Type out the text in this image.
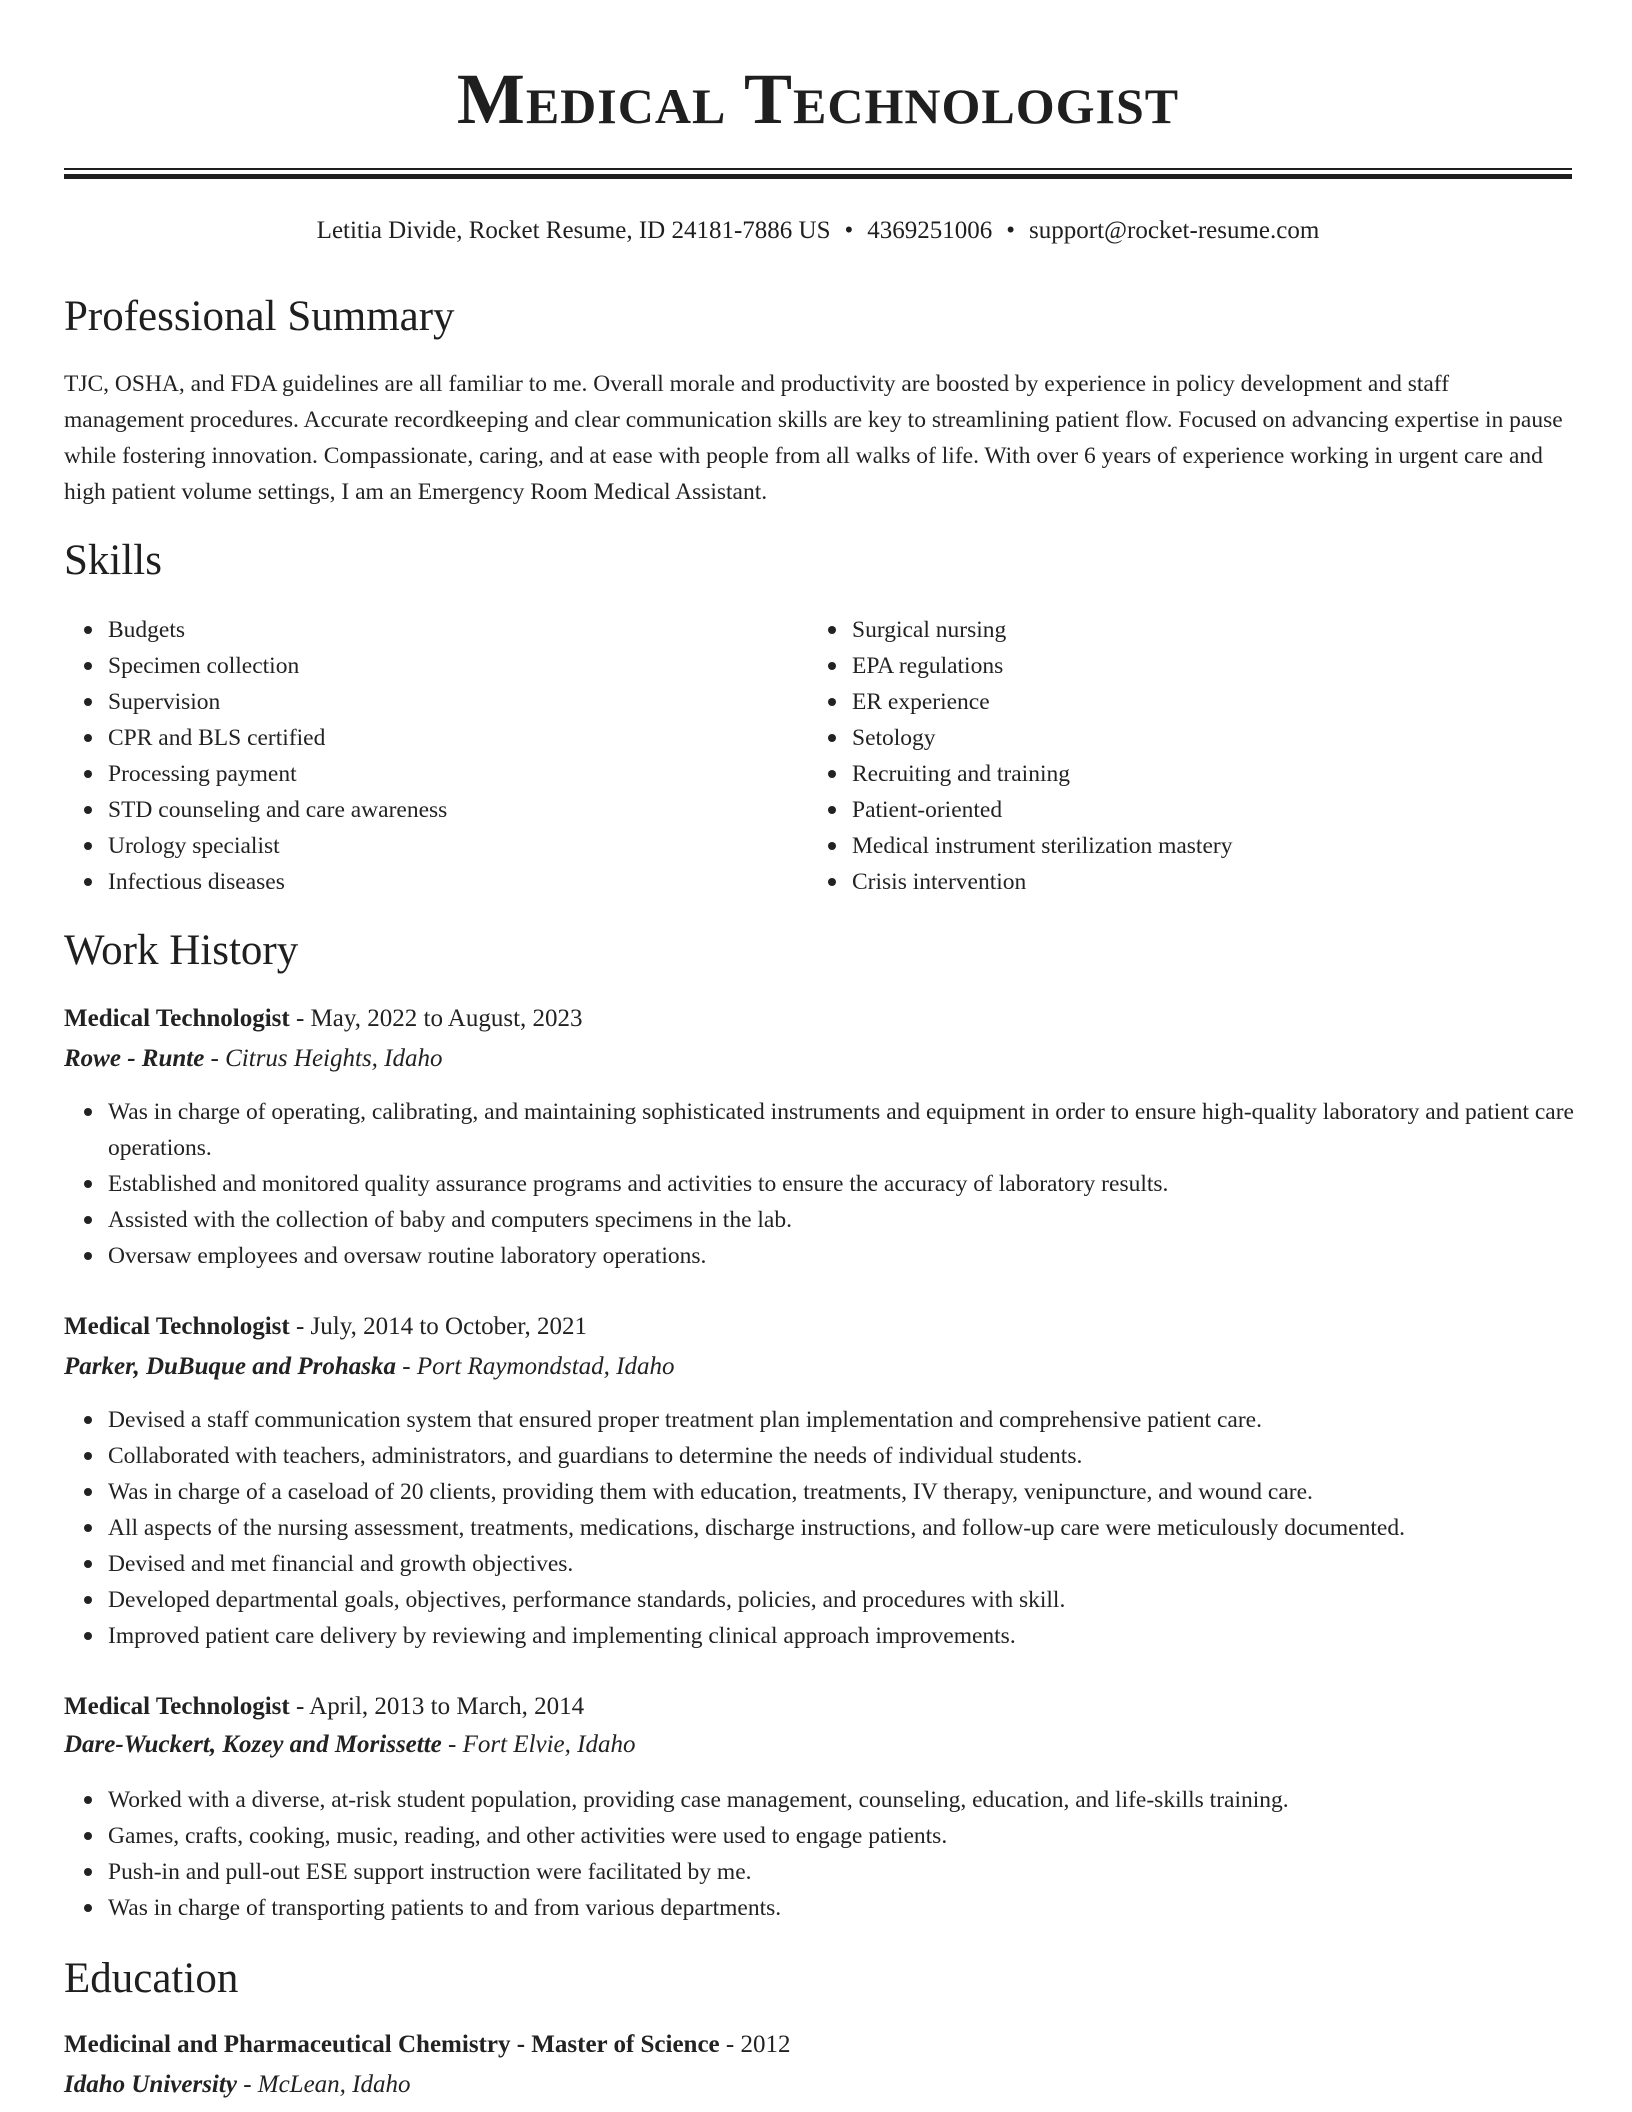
Medical Technologist
Letitia Divide, Rocket Resume, ID 24181-7886 US • 4369251006 • support@rocket-resume.com
Professional Summary

TJC, OSHA, and FDA guidelines are all familiar to me. Overall morale and productivity are boosted by experience in policy development and staff management procedures. Accurate recordkeeping and clear communication skills are key to streamlining patient flow. Focused on advancing expertise in pause while fostering innovation. Compassionate, caring, and at ease with people from all walks of life. With over 6 years of experience working in urgent care and high patient volume settings, I am an Emergency Room Medical Assistant.

Skills
Budgets
Specimen collection
Supervision
CPR and BLS certified
Processing payment
STD counseling and care awareness
Urology specialist
Infectious diseases
Surgical nursing
EPA regulations
ER experience
Setology
Recruiting and training
Patient-oriented
Medical instrument sterilization mastery
Crisis intervention
Work History
Medical Technologist - May, 2022 to August, 2023
Rowe - Runte - Citrus Heights, Idaho
Was in charge of operating, calibrating, and maintaining sophisticated instruments and equipment in order to ensure high-quality laboratory and patient care operations.
Established and monitored quality assurance programs and activities to ensure the accuracy of laboratory results.
Assisted with the collection of baby and computers specimens in the lab.
Oversaw employees and oversaw routine laboratory operations.
Medical Technologist - July, 2014 to October, 2021
Parker, DuBuque and Prohaska - Port Raymondstad, Idaho
Devised a staff communication system that ensured proper treatment plan implementation and comprehensive patient care.
Collaborated with teachers, administrators, and guardians to determine the needs of individual students.
Was in charge of a caseload of 20 clients, providing them with education, treatments, IV therapy, venipuncture, and wound care.
All aspects of the nursing assessment, treatments, medications, discharge instructions, and follow-up care were meticulously documented.
Devised and met financial and growth objectives.
Developed departmental goals, objectives, performance standards, policies, and procedures with skill.
Improved patient care delivery by reviewing and implementing clinical approach improvements.
Medical Technologist - April, 2013 to March, 2014
Dare-Wuckert, Kozey and Morissette - Fort Elvie, Idaho
Worked with a diverse, at-risk student population, providing case management, counseling, education, and life-skills training.
Games, crafts, cooking, music, reading, and other activities were used to engage patients.
Push-in and pull-out ESE support instruction were facilitated by me.
Was in charge of transporting patients to and from various departments.
Education
Medicinal and Pharmaceutical Chemistry - Master of Science - 2012
Idaho University - McLean, Idaho
